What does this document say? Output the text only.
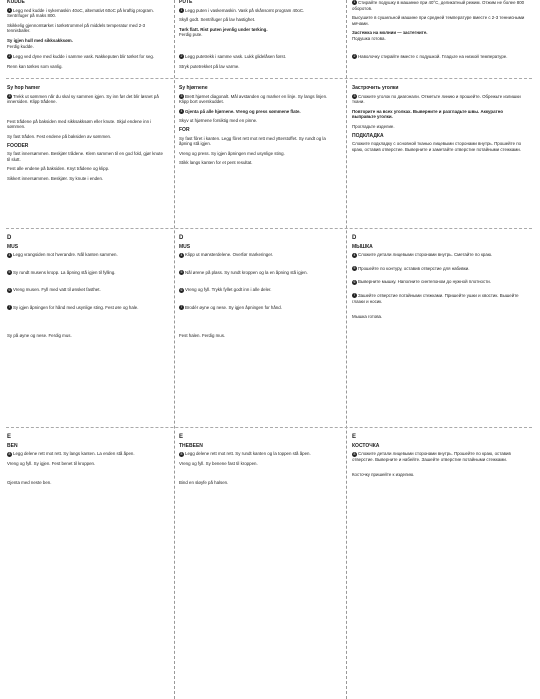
KUDDE
1 Legg ned kudde i sykemaskin 40oC, alternativt 60oC på kraftig program. Sentrifuger på maks 800.
Skikkelig gjennomtørket i tørketrommel på middels temperatur med 2-3 tennisballer.
Sy igjen hull med sikksakksøm.
Ferdig kudde.
2 Legg ved dyne med kudde i samme vask. Nakkeputen blir tørket for seg.
Renn kan tørkes som vanlig.
Sy hop hamer
3 Trekk ut sømmen når du skal sy sammen igjen. Sy inn før det blir løsnet på innersiden. Klipp trådene.
Fest trådene på baksiden med sikksakksøm eller knute. Skjul endene inn i sømmen.
Sy fast tråden. Fest endene på baksiden av sømmen.
FOODER
Sy fast innersømmen. Beskjær trådene. Klem sammen til en god fold, gjør knute til slutt.
Fest alle endene på baksiden. Knyt trådene og klipp.
Sikkert innersømmen. Beskjær. Sy knute i enden.
D
MUS
4 Legg vrangsiden mot hverandre. Nål kanten sammen.
5 Sy rundt musens kropp. La åpning stå igjen til fylling.
6 Vreng musen. Fyll med vatt til ønsket fasthet.
7 Sy igjen åpningen for hånd med usynlige sting. Fest øre og hale.
Sy på øyne og nese. Ferdig mus.
E
BEN
8 Legg delene rett mot rett. Sy langs kanten. La enden stå åpen.
Vreng og fyll. Sy igjen. Fest benet til kroppen.
Gjenta med neste ben.
PUTE
1 Legg puten i vaskemaskin. Vask på skånsomt program 40oC.
Skyll godt. Sentrifuger på lav hastighet.
Tørk flatt. Rist puten jevnlig under tørking.
Ferdig pute.
2 Legg putetrekk i samme vask. Lukk glidelåsen først.
Stryk putetrekket på lav varme.
Sy hjørnene
3 Brett hjørnet diagonalt. Mål avstanden og marker en linje. Sy langs linjen. Klipp bort overskuddet.
4 Gjenta på alle hjørnene. Vreng og press sømmene flate.
Skyv ut hjørnene forsiktig med en pinne.
FOR
Sy fast fôret i kanten. Legg fôret rett mot rett med ytterstoffet. Sy rundt og la åpning stå igjen.
Vreng og press. Sy igjen åpningen med usynlige sting.
Stikk langs kanten for et pent resultat.
D
MUS
4 Klipp ut mønsterdelene. Overfør markeringer.
5 Nål ørene på plass. Sy rundt kroppen og la en åpning stå igjen.
6 Vreng og fyll. Trykk fyllet godt inn i alle deler.
7 Brodér øyne og nese. Sy igjen åpningen for hånd.
Fest halen. Ferdig mus.
E
THEBEEN
8 Legg delene rett mot rett. Sy rundt kanten og la toppen stå åpen.
Vreng og fyll. Sy benene fast til kroppen.
Bind en sløyfe på halsen.
1 Стирайте подушку в машинке при 40°C, деликатный режим. Отжим не более 800 оборотов.
Высушите в сушильной машине при средней температуре вместе с 2-3 теннисными мячами.
Застежка на молнии — застегните.
Подушка готова.
2 Наволочку стирайте вместе с подушкой. Гладьте на низкой температуре.
Застрочить уголки
3 Сложите уголок по диагонали. Отметьте линию и прошейте. Обрежьте излишки ткани.
Повторите на всех уголках. Выверните и разгладьте швы. Аккуратно выправьте уголки.
Прогладьте изделие.
ПОДКЛАДКА
Сложите подкладку с основной тканью лицевыми сторонами внутрь. Прошейте по краю, оставив отверстие. Выверните и заметайте отверстие потайными стежками.
D
МЫШКА
4 Сложите детали лицевыми сторонами внутрь. Сметайте по краю.
5 Прошейте по контуру, оставив отверстие для набивки.
6 Выверните мышку. Наполните синтепоном до нужной плотности.
7 Зашейте отверстие потайными стежками. Пришейте ушки и хвостик. Вышейте глазки и носик.
Мышка готова.
E
КОСТОЧКА
8 Сложите детали лицевыми сторонами внутрь. Прошейте по краю, оставив отверстие. Выверните и набейте. Зашейте отверстие потайными стежками.
Косточку пришейте к изделию.
